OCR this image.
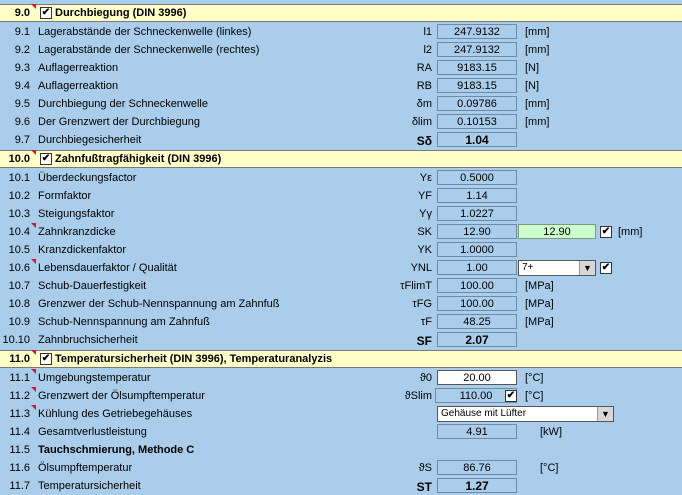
9.0 ✔ Durchbiegung (DIN 3996)
9.1 Lagerabstände der Schneckenwelle (linkes)	l1	247.9132	[mm]
9.2 Lagerabstände der Schneckenwelle (rechtes)	l2	247.9132	[mm]
9.3 Auflagerreaktion	RA	9183.15	[N]
9.4 Auflagerreaktion	RB	9183.15	[N]
9.5 Durchbiegung der Schneckenwelle	δm	0.09786	[mm]
9.6 Der Grenzwert der Durchbiegung	δlim	0.10153	[mm]
9.7 Durchbiegesicherheit	Sδ	1.04
10.0 ✔ Zahnfußtragfähigkeit (DIN 3996)
10.1 Überdeckungsfactor	Yε	0.5000
10.2 Formfaktor	YF	1.14
10.3 Steigungsfaktor	Yγ	1.0227
10.4 Zahnkranzdicke	SK	12.90	12.90	✔ [mm]
10.5 Kranzdickenfaktor	YK	1.0000
10.6 Lebensdauerfaktor / Qualität	YNL	1.00	7+	▼ ✔
10.7 Schub-Dauerfestigkeit	τFlimT	100.00	[MPa]
10.8 Grenzwer der Schub-Nennspannung am Zahnfuß	τFG	100.00	[MPa]
10.9 Schub-Nennspannung am Zahnfuß	τF	48.25	[MPa]
10.10 Zahnbruchsicherheit	SF	2.07
11.0 ✔ Temperatursicherheit (DIN 3996), Temperaturanalyzis
11.1 Umgebungstemperatur	ϑ0	20.00	[°C]
11.2 Grenzwert der Ölsumpftemperatur	ϑSlim	110.00	✔ [°C]
11.3 Kühlung des Getriebegehäuses	Gehäuse mit Lüfter	▼
11.4 Gesamtverlustleistung	4.91	[kW]
11.5 Tauchschmierung, Methode C
11.6 Ölsumpftemperatur	ϑS	86.76	[°C]
11.7 Temperatursicherheit	ST	1.27
